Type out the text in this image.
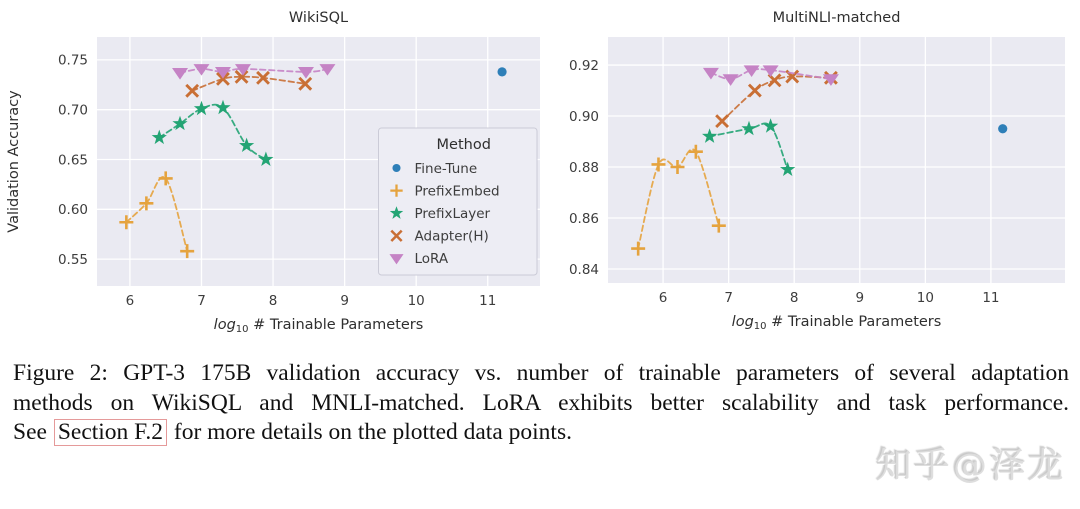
6	7	8	9	10	11
0.55
0.60
0.65
0.70
0.75
WikiSQL
$\log_{10}$ # Trainable Parameters
Validation Accuracy	Method
Fine-Tune
PrefixEmbed
PrefixLayer
Adapter(H)
LoRA
6	7	8	9	10	11
0.84
0.86
0.88
0.90
0.92
MultiNLI-matched
$\log_{10}$ # Trainable Parameters
Figure 2: GPT-3 175B validation accuracy vs. number of trainable parameters of several adaptation
methods on WikiSQL and MNLI-matched. LoRA exhibits better scalability and task performance.
See Section F.2 for more details on the plotted data points.
知乎@泽龙
